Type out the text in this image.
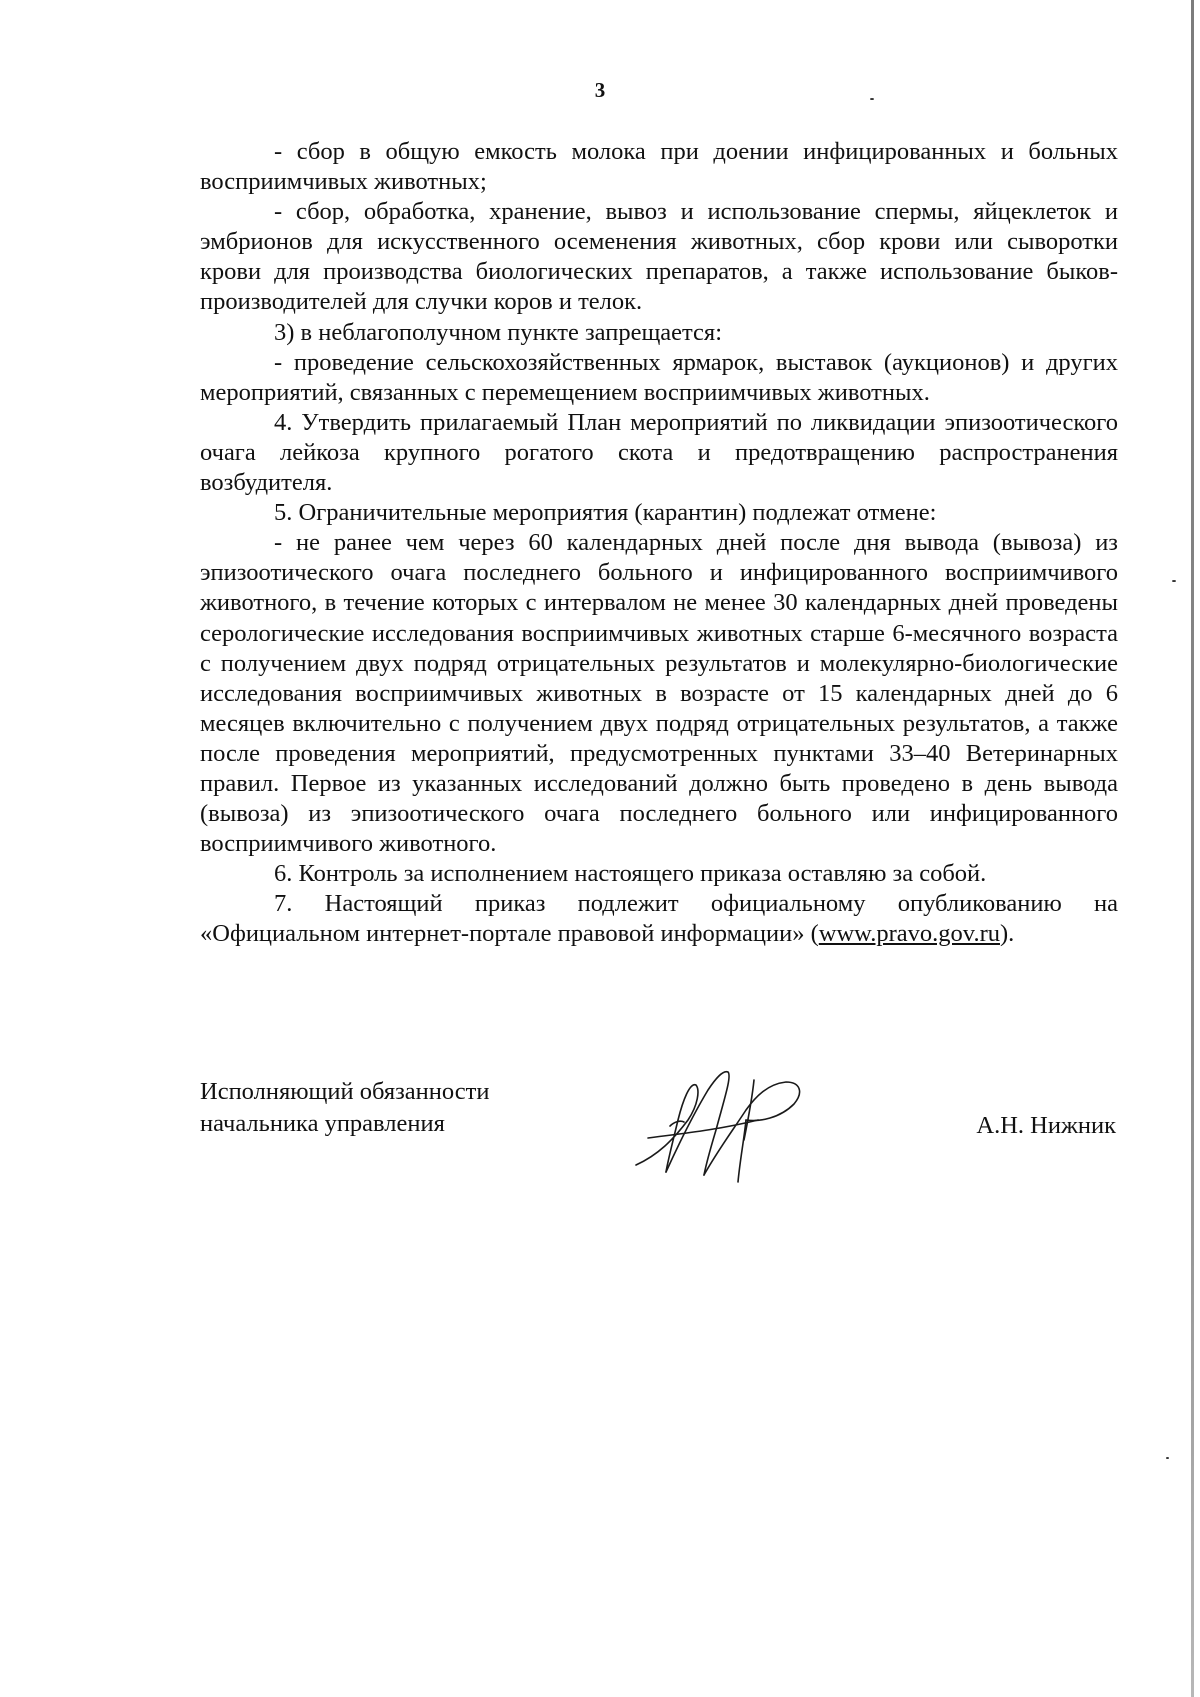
3

- сбор в общую емкость молока при доении инфицированных и больных восприимчивых животных;

- сбор, обработка, хранение, вывоз и использование спермы, яйцеклеток и эмбрионов для искусственного осеменения животных, сбор крови или сыворотки крови для производства биологических препаратов, а также использование быков-производителей для случки коров и телок.

3) в неблагополучном пункте запрещается:

- проведение сельскохозяйственных ярмарок, выставок (аукционов) и других мероприятий, связанных с перемещением восприимчивых животных.

4. Утвердить прилагаемый План мероприятий по ликвидации эпизоотического очага лейкоза крупного рогатого скота и предотвращению распространения возбудителя.

5. Ограничительные мероприятия (карантин) подлежат отмене:

- не ранее чем через 60 календарных дней после дня вывода (вывоза) из эпизоотического очага последнего больного и инфицированного восприимчивого животного, в течение которых с интервалом не менее 30 календарных дней проведены серологические исследования восприимчивых животных старше 6-месячного возраста с получением двух подряд отрицательных результатов и молекулярно-биологические исследования восприимчивых животных в возрасте от 15 календарных дней до 6 месяцев включительно с получением двух подряд отрицательных результатов, а также после проведения мероприятий, предусмотренных пунктами 33–40 Ветеринарных правил. Первое из указанных исследований должно быть проведено в день вывода (вывоза) из эпизоотического очага последнего больного или инфицированного восприимчивого животного.

6. Контроль за исполнением настоящего приказа оставляю за собой.

7. Настоящий приказ подлежит официальному опубликованию на «Официальном интернет-портале правовой информации» (www.pravo.gov.ru).

Исполняющий обязанности
начальника управления	А.Н. Нижник
